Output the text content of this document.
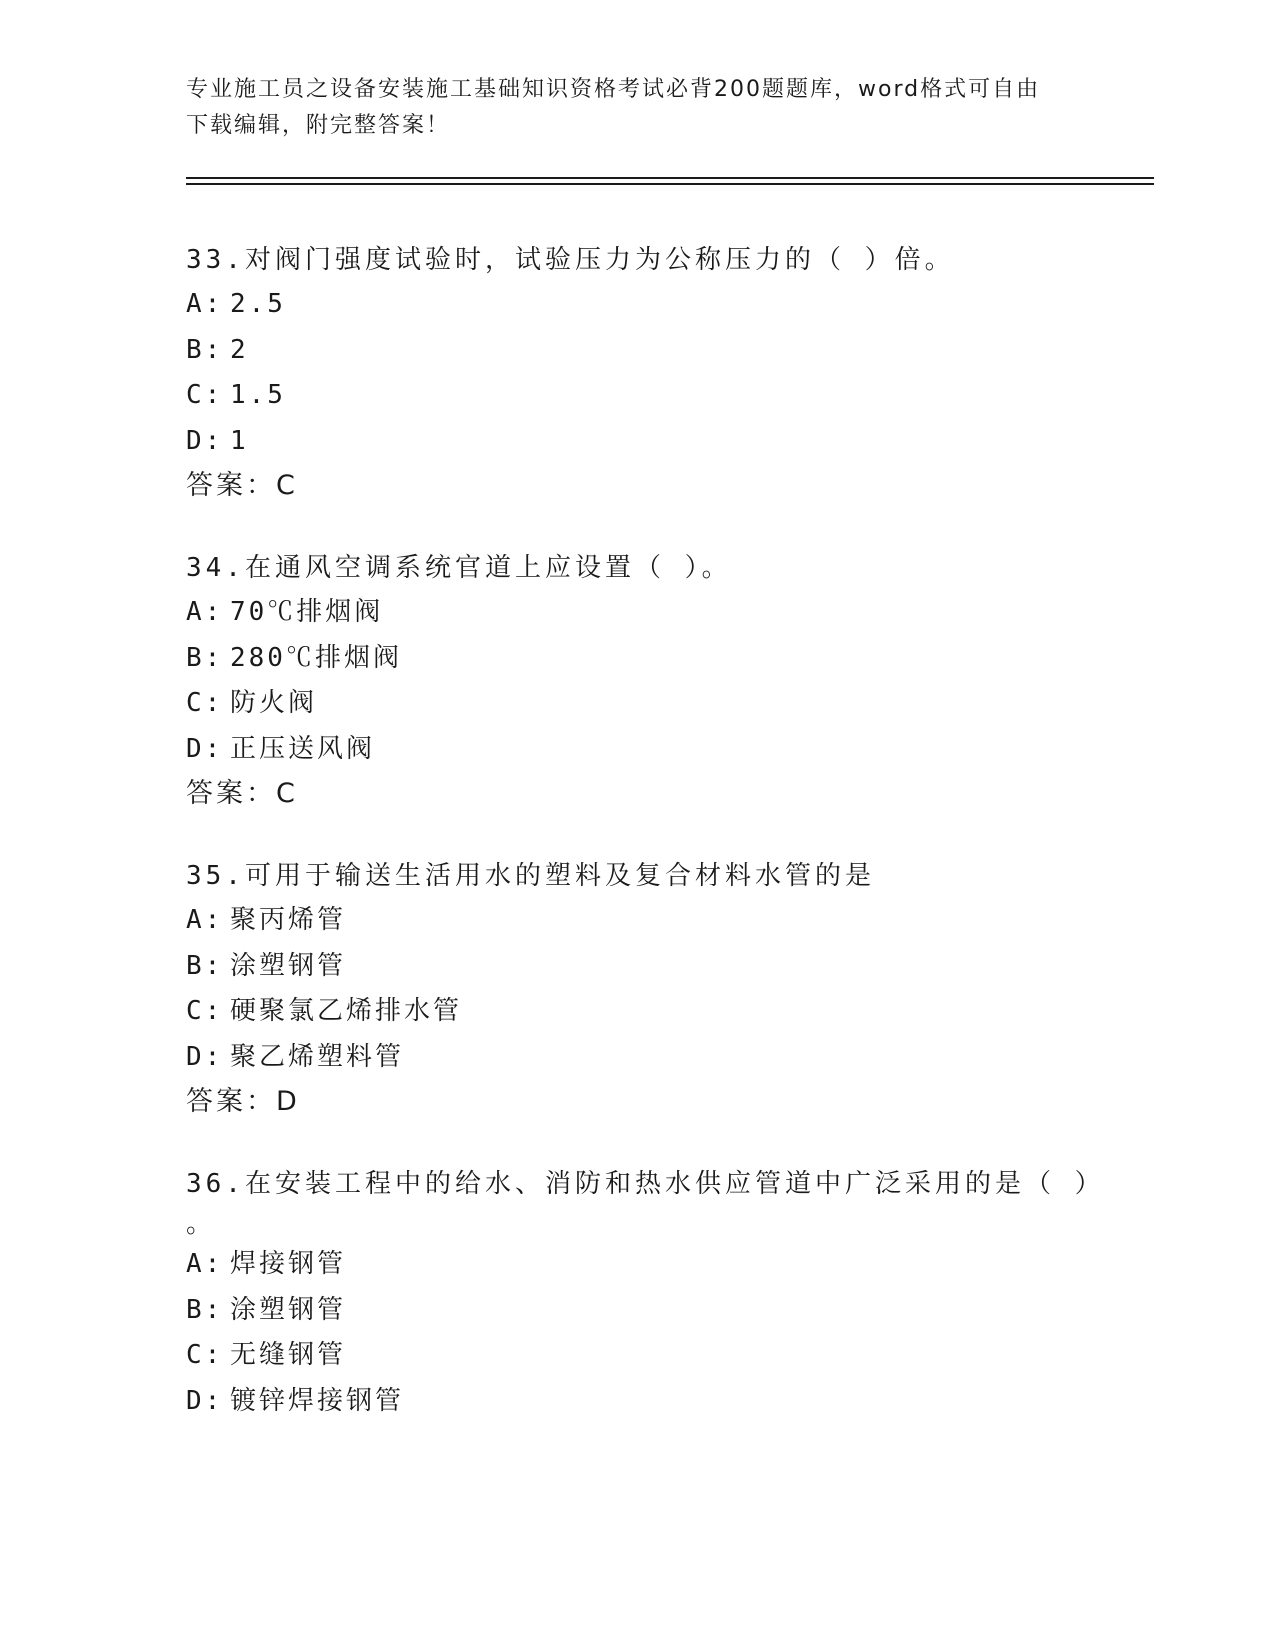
专业施工员之设备安装施工基础知识资格考试必背200题题库，word格式可自由
下载编辑，附完整答案！
33.对阀门强度试验时，试验压力为公称压力的（ ）倍。
A: 2.5
B: 2
C: 1.5
D: 1
答案：C
34.在通风空调系统官道上应设置（ ）。
A: 70℃排烟阀
B: 280℃排烟阀
C: 防火阀
D: 正压送风阀
答案：C
35.可用于输送生活用水的塑料及复合材料水管的是
A: 聚丙烯管
B: 涂塑钢管
C: 硬聚氯乙烯排水管
D: 聚乙烯塑料管
答案：D
36.在安装工程中的给水、消防和热水供应管道中广泛采用的是（ ）
。
A: 焊接钢管
B: 涂塑钢管
C: 无缝钢管
D: 镀锌焊接钢管
